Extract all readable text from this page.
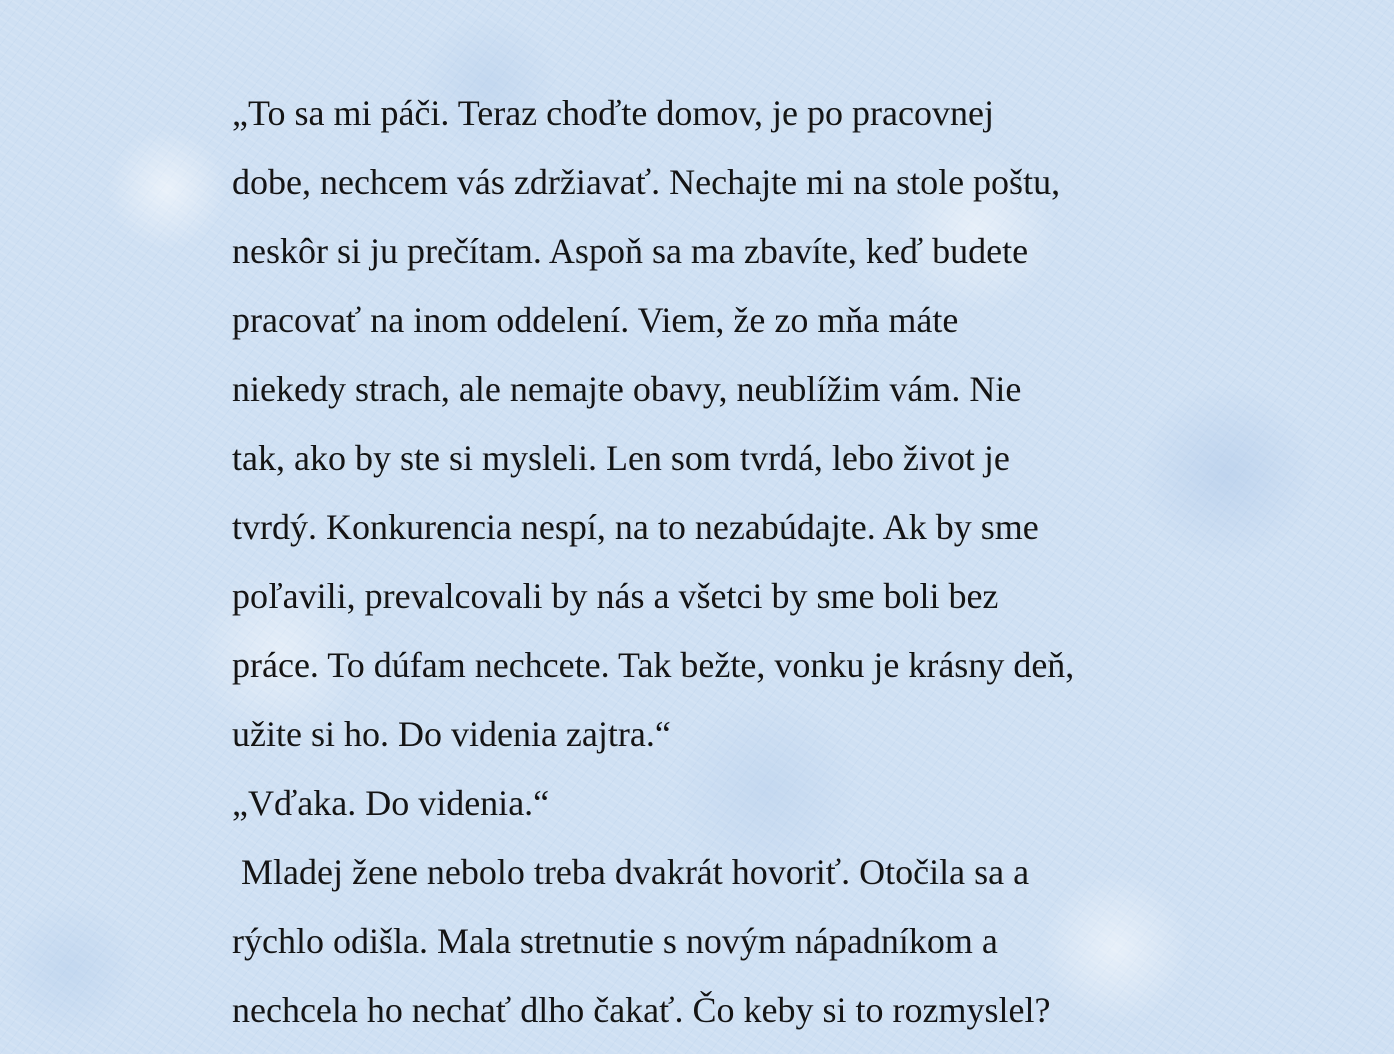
„To sa mi páči. Teraz choďte domov, je po pracovnej
dobe, nechcem vás zdržiavať. Nechajte mi na stole poštu,
neskôr si ju prečítam. Aspoň sa ma zbavíte, keď budete
pracovať na inom oddelení. Viem, že zo mňa máte
niekedy strach, ale nemajte obavy, neublížim vám. Nie
tak, ako by ste si mysleli. Len som tvrdá, lebo život je
tvrdý. Konkurencia nespí, na to nezabúdajte. Ak by sme
poľavili, prevalcovali by nás a všetci by sme boli bez
práce. To dúfam nechcete. Tak bežte, vonku je krásny deň,
užite si ho. Do videnia zajtra.“
„Vďaka. Do videnia.“
Mladej žene nebolo treba dvakrát hovoriť. Otočila sa a
rýchlo odišla. Mala stretnutie s novým nápadníkom a
nechcela ho nechať dlho čakať. Čo keby si to rozmyslel?
